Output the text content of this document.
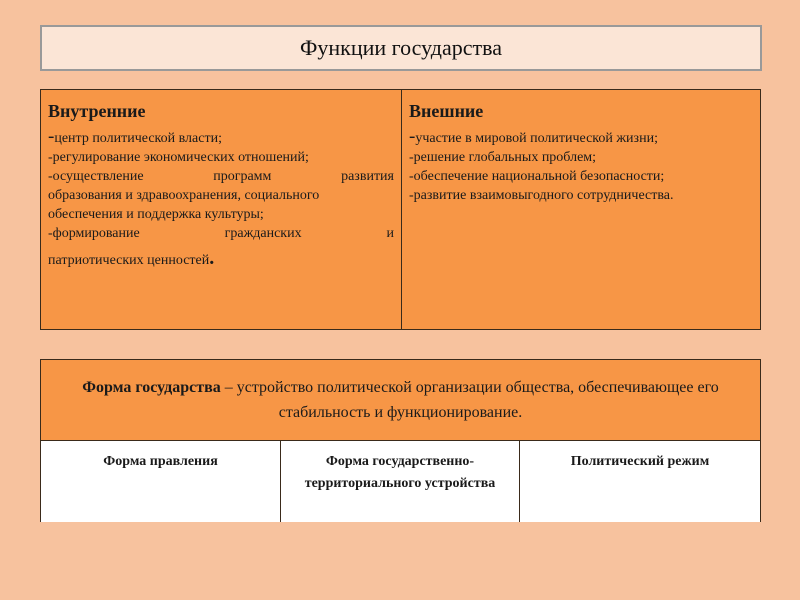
Функции государства
Внутренние
-центр политической власти;
-регулирование экономических отношений;
-осуществление программ развития
образования и здравоохранения, социального
обеспечения и поддержка культуры;
-формирование гражданских и
патриотических ценностей.
Внешние
-участие в мировой политической жизни;
-решение глобальных проблем;
-обеспечение национальной безопасности;
-развитие взаимовыгодного сотрудничества.
Форма государства – устройство политической организации общества, обеспечивающее его стабильность и функционирование.
Форма правления	Форма государственно-территориального устройства
Политический режим
